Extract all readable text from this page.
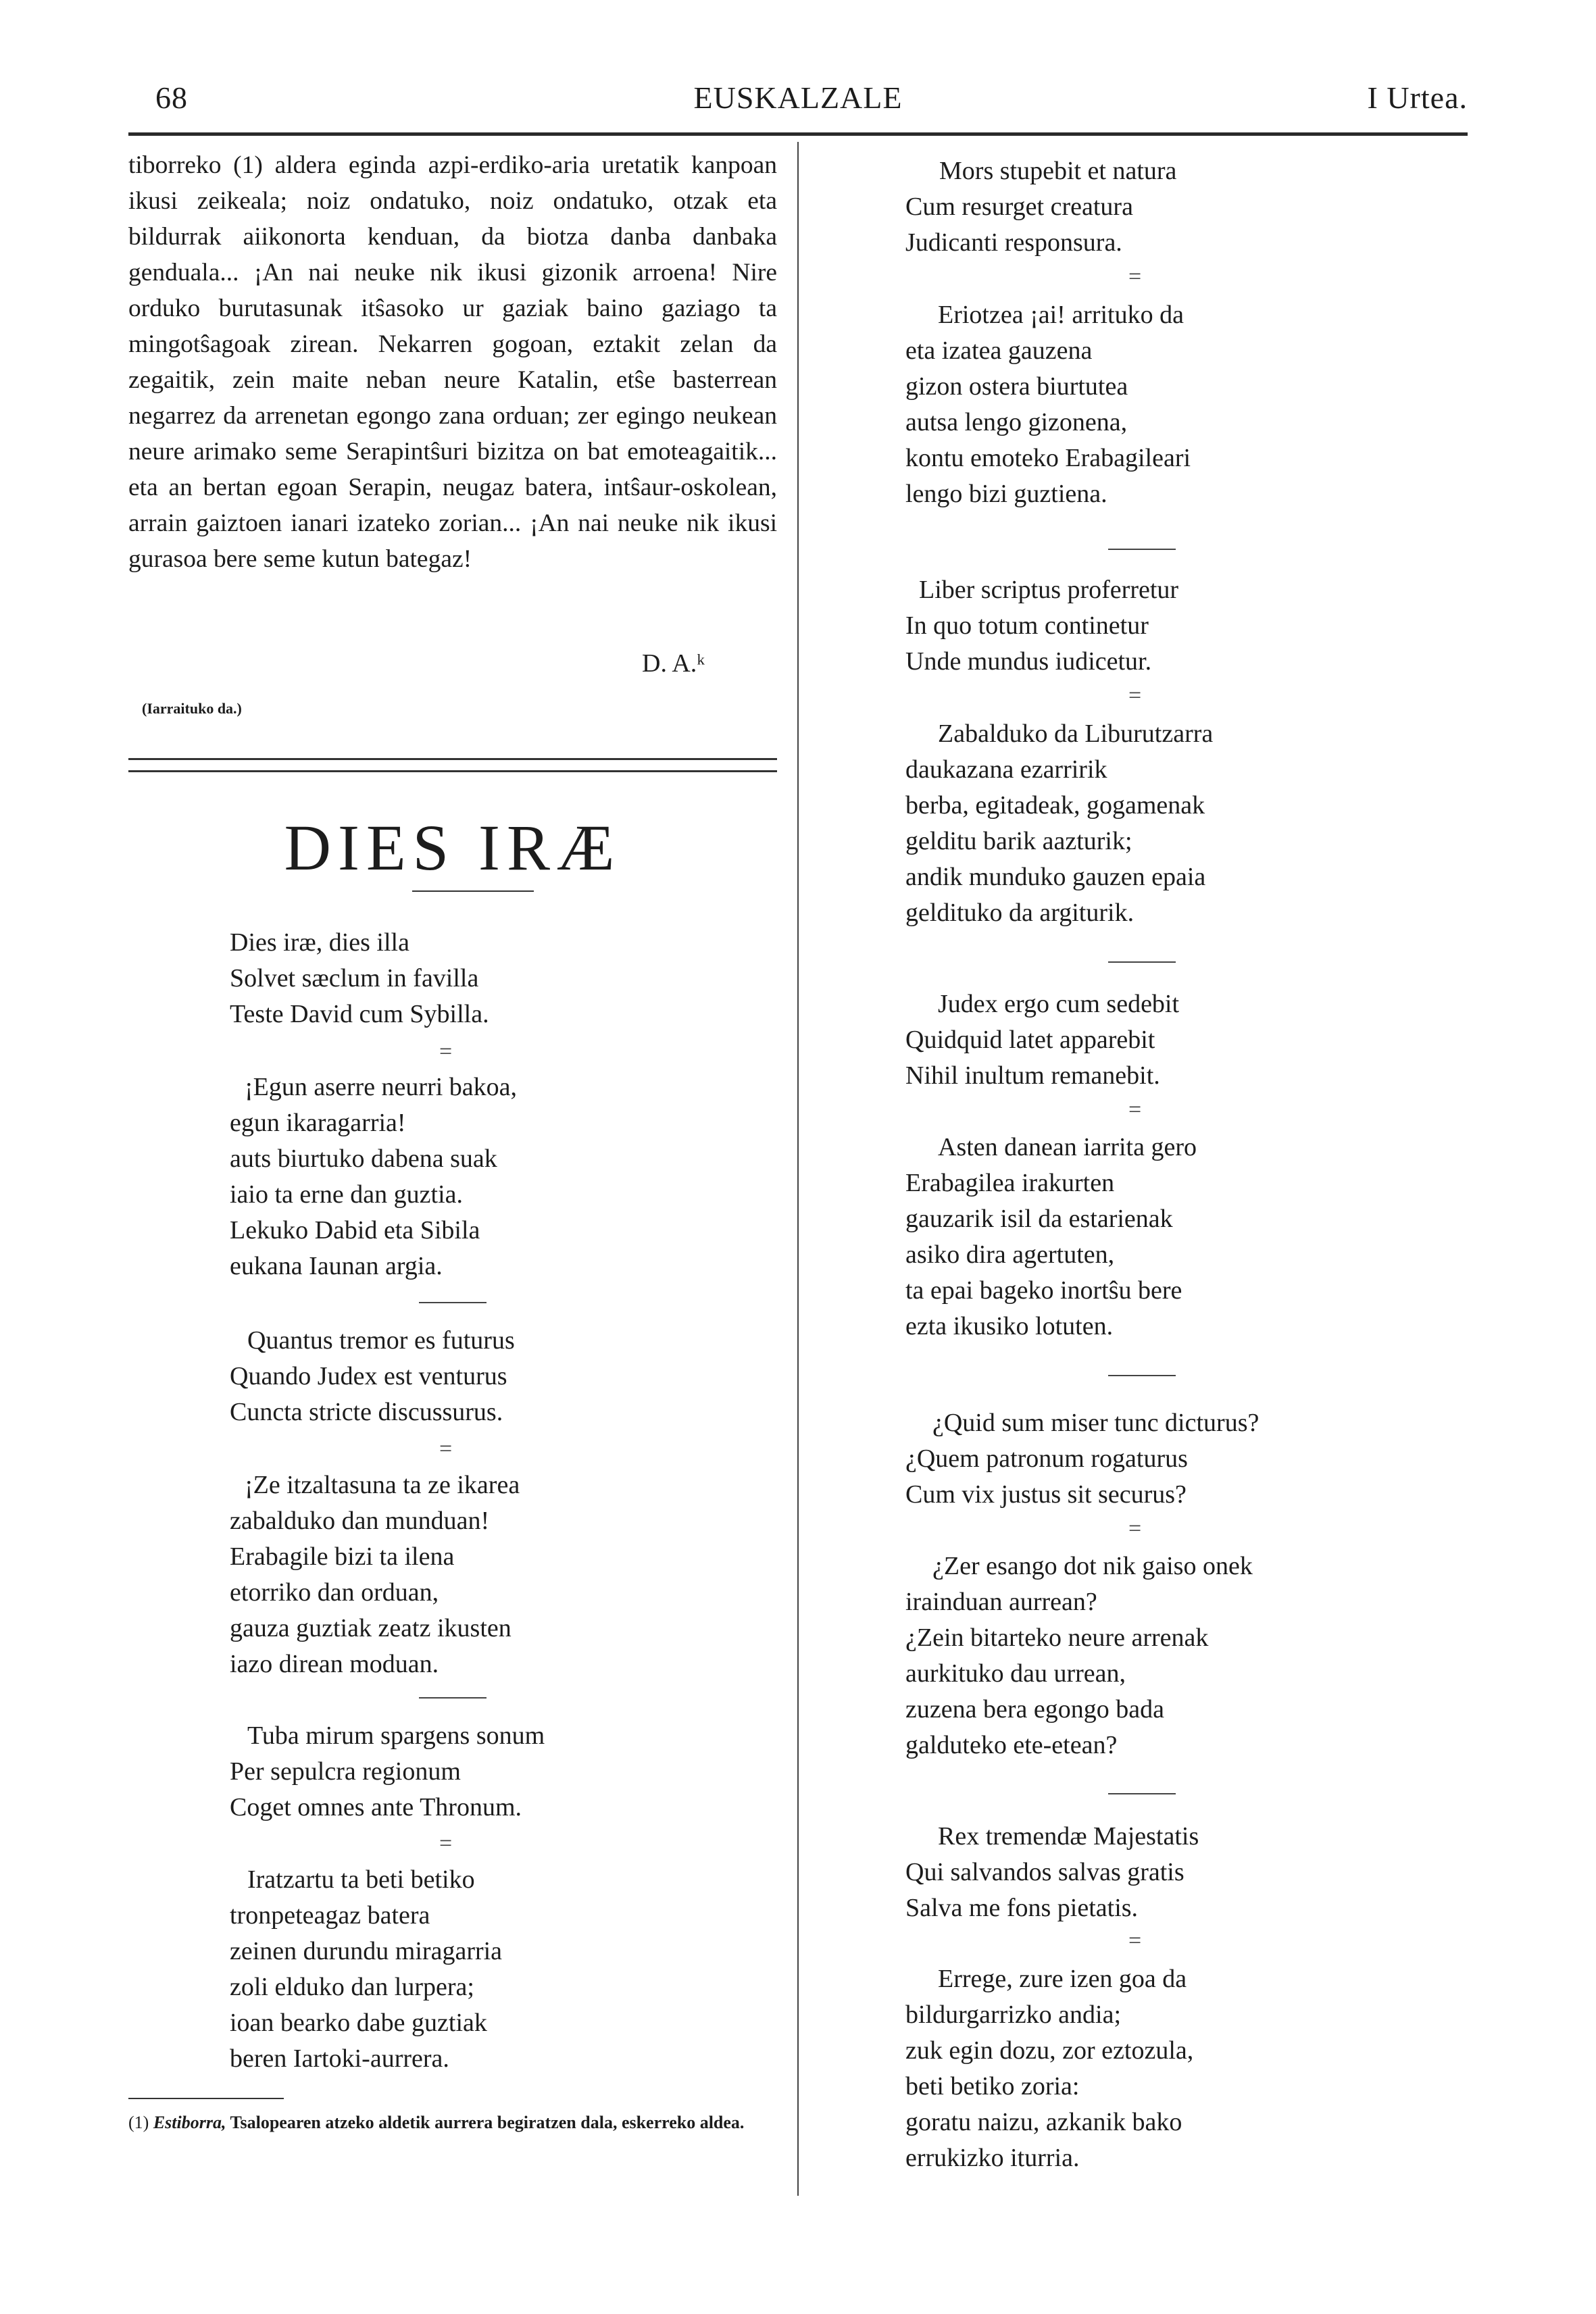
68	EUSKALZALE	I Urtea.

tiborreko (1) aldera eginda azpi-erdiko-aria uretatik kanpoan ikusi zeikeala; noiz ondatuko, noiz ondatuko, otzak eta bildurrak aiikonorta kenduan, da biotza danba danbaka genduala... ¡An nai neuke nik ikusi gizonik arroena! Nire orduko burutasunak itŝasoko ur gaziak baino gaziago ta mingotŝagoak zirean. Nekarren gogoan, eztakit zelan da zegaitik, zein maite neban neure Katalin, etŝe basterrean negarrez da arrenetan egongo zana orduan; zer egingo neukean neure arimako seme Serapintŝuri bizitza on bat emoteagaitik... eta an bertan egoan Serapin, neugaz batera, intŝaur-oskolean, arrain gaiztoen ianari izateko zorian... ¡An nai neuke nik ikusi gurasoa bere seme kutun bategaz!

D. A.ᵏ
(Iarraituko da.)
DIES IRÆ
Dies iræ, dies illa
Solvet sæclum in favilla
Teste David cum Sybilla.
=
¡Egun aserre neurri bakoa,
egun ikaragarria!
auts biurtuko dabena suak
iaio ta erne dan guztia.
Lekuko Dabid eta Sibila
eukana Iaunan argia.
Quantus tremor es futurus
Quando Judex est venturus
Cuncta stricte discussurus.
=
¡Ze itzaltasuna ta ze ikarea
zabalduko dan munduan!
Erabagile bizi ta ilena
etorriko dan orduan,
gauza guztiak zeatz ikusten
iazo direan moduan.
Tuba mirum spargens sonum
Per sepulcra regionum
Coget omnes ante Thronum.
=
Iratzartu ta beti betiko
tronpeteagaz batera
zeinen durundu miragarria
zoli elduko dan lurpera;
ioan bearko dabe guztiak
beren Iartoki-aurrera.
(1) Estiborra, Tsalopearen atzeko aldetik aurrera begiratzen dala, eskerreko aldea.
Mors stupebit et natura
Cum resurget creatura
Judicanti responsura.
=
Eriotzea ¡ai! arrituko da
eta izatea gauzena
gizon ostera biurtutea
autsa lengo gizonena,
kontu emoteko Erabagileari
lengo bizi guztiena.
Liber scriptus proferretur
In quo totum continetur
Unde mundus iudicetur.
=
Zabalduko da Liburutzarra
daukazana ezarririk
berba, egitadeak, gogamenak
gelditu barik aazturik;
andik munduko gauzen epaia
geldituko da argiturik.
Judex ergo cum sedebit
Quidquid latet apparebit
Nihil inultum remanebit.
=
Asten danean iarrita gero
Erabagilea irakurten
gauzarik isil da estarienak
asiko dira agertuten,
ta epai bageko inortŝu bere
ezta ikusiko lotuten.
¿Quid sum miser tunc dicturus?
¿Quem patronum rogaturus
Cum vix justus sit securus?
=
¿Zer esango dot nik gaiso onek
irainduan aurrean?
¿Zein bitarteko neure arrenak
aurkituko dau urrean,
zuzena bera egongo bada
galduteko ete-etean?
Rex tremendæ Majestatis
Qui salvandos salvas gratis
Salva me fons pietatis.
=
Errege, zure izen goa da
bildurgarrizko andia;
zuk egin dozu, zor eztozula,
beti betiko zoria:
goratu naizu, azkanik bako
errukizko iturria.
